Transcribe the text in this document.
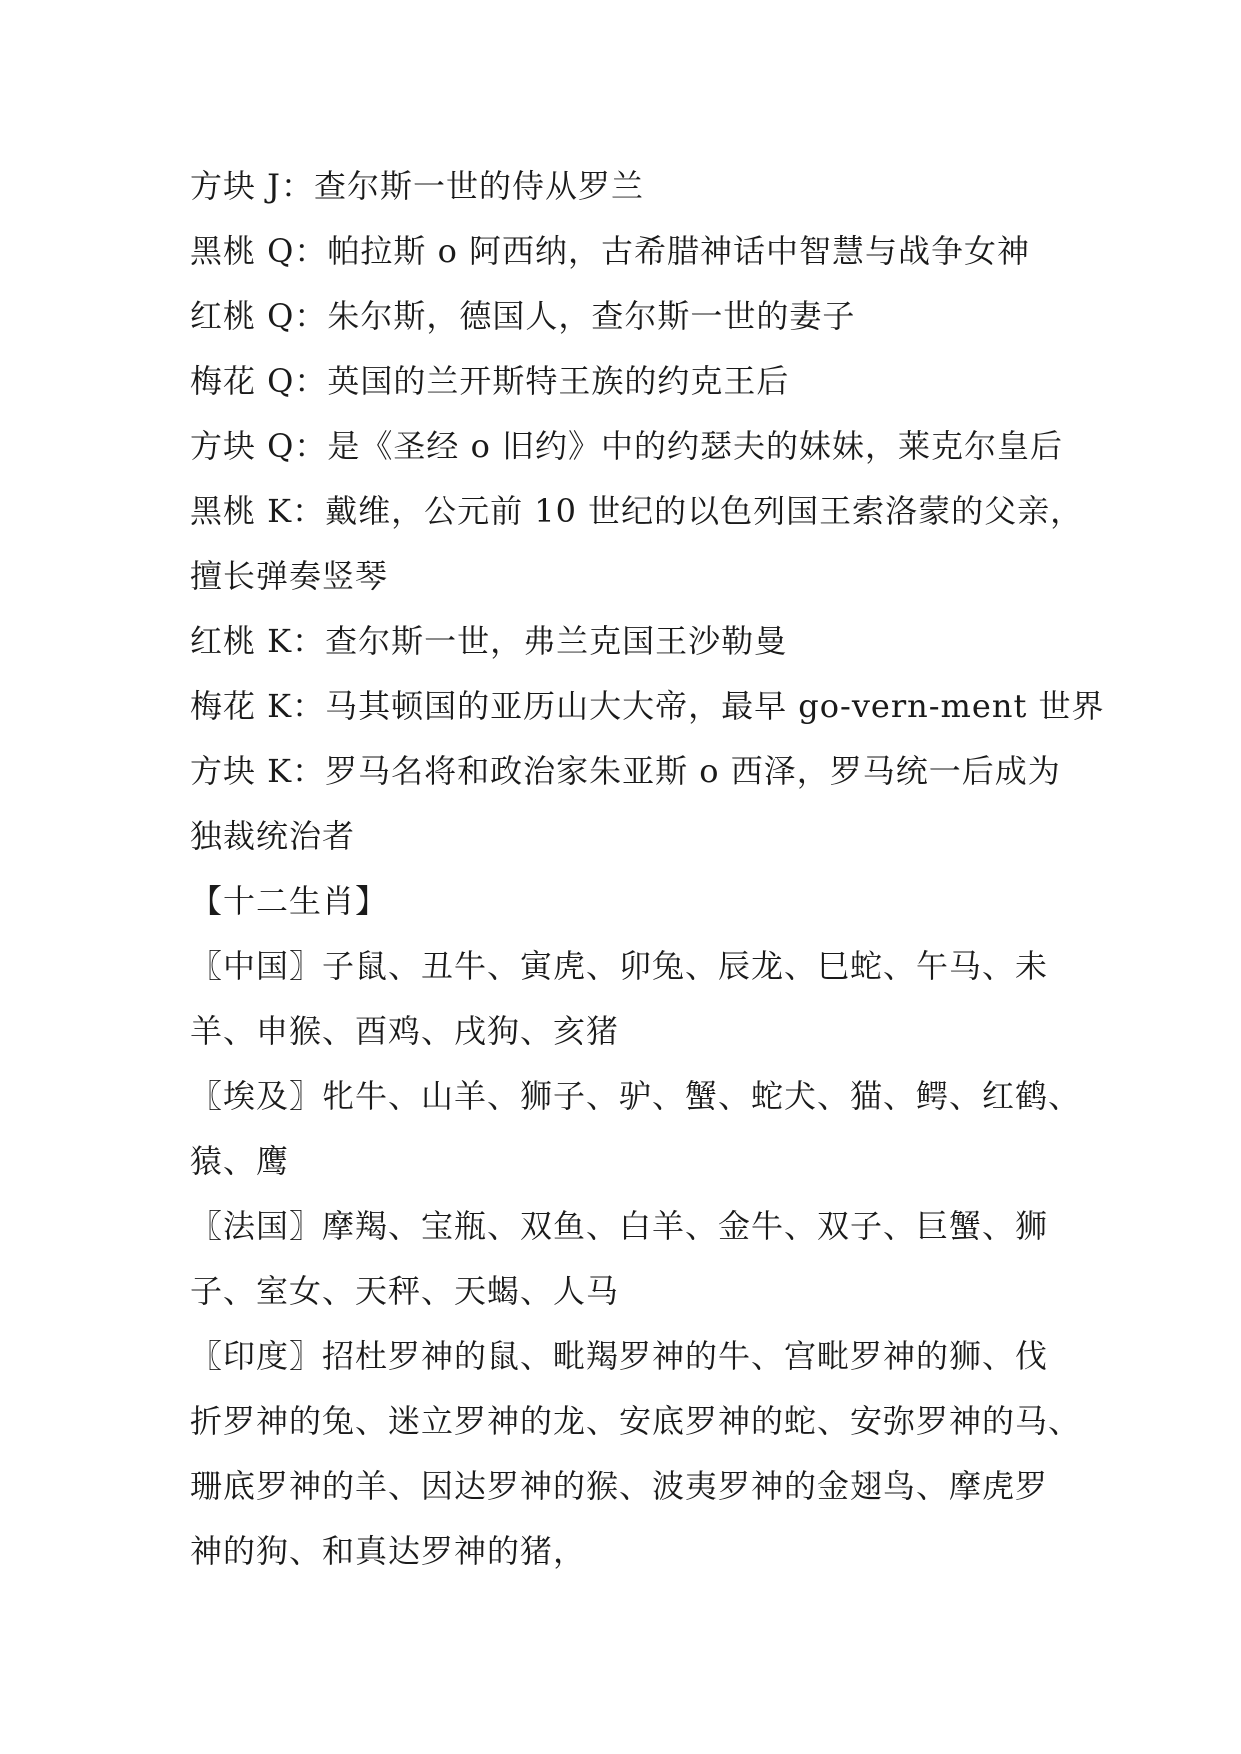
方块 J：查尔斯一世的侍从罗兰

黑桃 Q：帕拉斯 o 阿西纳，古希腊神话中智慧与战争女神

红桃 Q：朱尔斯，德国人，查尔斯一世的妻子

梅花 Q：英国的兰开斯特王族的约克王后

方块 Q：是《圣经 o 旧约》中的约瑟夫的妹妹，莱克尔皇后

黑桃 K：戴维，公元前 10 世纪的以色列国王索洛蒙的父亲，

擅长弹奏竖琴

红桃 K：查尔斯一世，弗兰克国王沙勒曼

梅花 K：马其顿国的亚历山大大帝，最早 go-vern-ment 世界

方块 K：罗马名将和政治家朱亚斯 o 西泽，罗马统一后成为

独裁统治者

【十二生肖】

〖中国〗子鼠、丑牛、寅虎、卯兔、辰龙、巳蛇、午马、未

羊、申猴、酉鸡、戌狗、亥猪

〖埃及〗牝牛、山羊、狮子、驴、蟹、蛇犬、猫、鳄、红鹤、

猿、鹰

〖法国〗摩羯、宝瓶、双鱼、白羊、金牛、双子、巨蟹、狮

子、室女、天秤、天蝎、人马

〖印度〗招杜罗神的鼠、毗羯罗神的牛、宫毗罗神的狮、伐

折罗神的兔、迷立罗神的龙、安底罗神的蛇、安弥罗神的马、

珊底罗神的羊、因达罗神的猴、波夷罗神的金翅鸟、摩虎罗

神的狗、和真达罗神的猪，
